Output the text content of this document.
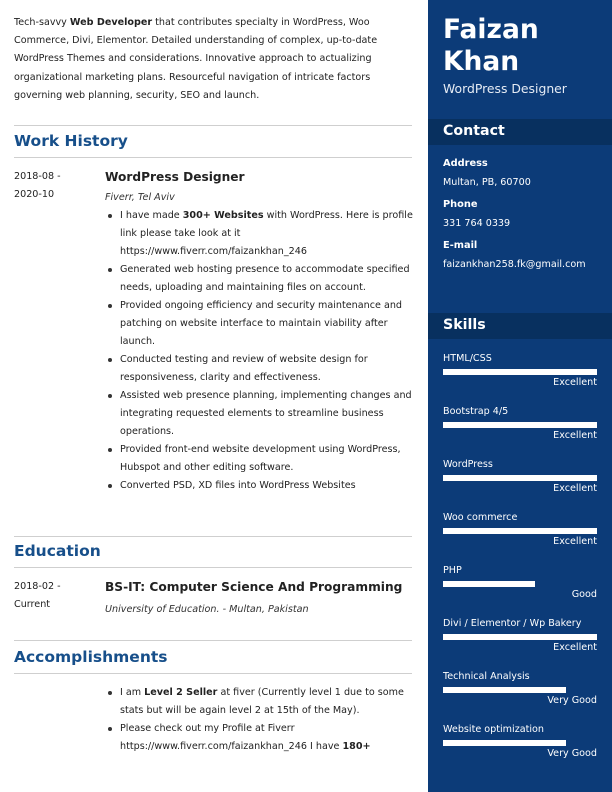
Tech-savvy Web Developer that contributes specialty in WordPress, Woo Commerce, Divi, Elementor. Detailed understanding of complex, up-to-date WordPress Themes and considerations. Innovative approach to actualizing organizational marketing plans. Resourceful navigation of intricate factors governing web planning, security, SEO and launch.
Work History
2018-08 -
2020-10
WordPress Designer
Fiverr, Tel Aviv
I have made 300+ Websites with WordPress. Here is profile link please take look at it https://www.fiverr.com/faizankhan_246
Generated web hosting presence to accommodate specified needs, uploading and maintaining files on account.
Provided ongoing efficiency and security maintenance and patching on website interface to maintain viability after launch.
Conducted testing and review of website design for responsiveness, clarity and effectiveness.
Assisted web presence planning, implementing changes and integrating requested elements to streamline business operations.
Provided front-end website development using WordPress, Hubspot and other editing software.
Converted PSD, XD files into WordPress Websites
Education
2018-02 -
Current
BS-IT: Computer Science And Programming
University of Education. - Multan, Pakistan
Accomplishments
I am Level 2 Seller at fiver (Currently level 1 due to some stats but will be again level 2 at 15th of the May).
Please check out my Profile at Fiverr https://www.fiverr.com/faizankhan_246 I have 180+
Faizan
Khan
WordPress Designer
Contact
Address
Multan, PB, 60700
Phone
331 764 0339
E-mail
faizankhan258.fk@gmail.com
Skills
HTML/CSS
Excellent
Bootstrap 4/5
Excellent
WordPress
Excellent
Woo commerce
Excellent
PHP
Good
Divi / Elementor / Wp Bakery
Excellent
Technical Analysis
Very Good
Website optimization
Very Good
